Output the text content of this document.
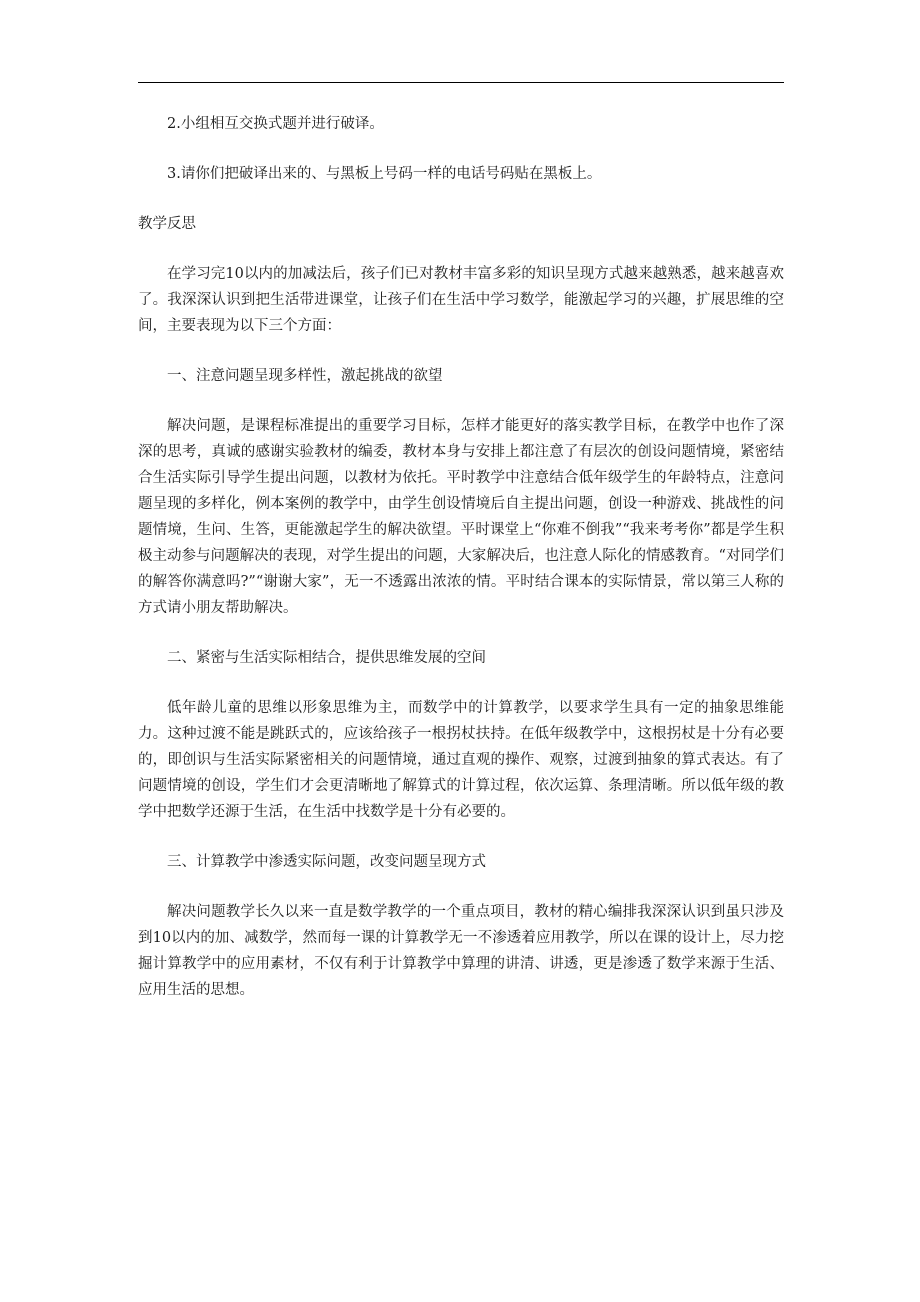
2.小组相互交换式题并进行破译。

3.请你们把破译出来的、与黑板上号码一样的电话号码贴在黑板上。

教学反思

在学习完10以内的加减法后，孩子们已对教材丰富多彩的知识呈现方式越来越熟悉，越来越喜欢了。我深深认识到把生活带进课堂，让孩子们在生活中学习数学，能激起学习的兴趣，扩展思维的空间，主要表现为以下三个方面：

一、注意问题呈现多样性，激起挑战的欲望

解决问题，是课程标准提出的重要学习目标，怎样才能更好的落实教学目标，在教学中也作了深深的思考，真诚的感谢实验教材的编委，教材本身与安排上都注意了有层次的创设问题情境，紧密结合生活实际引导学生提出问题，以教材为依托。平时教学中注意结合低年级学生的年龄特点，注意问题呈现的多样化，例本案例的教学中，由学生创设情境后自主提出问题，创设一种游戏、挑战性的问题情境，生问、生答，更能激起学生的解决欲望。平时课堂上“你难不倒我”“我来考考你”都是学生积极主动参与问题解决的表现，对学生提出的问题，大家解决后，也注意人际化的情感教育。“对同学们的解答你满意吗?”“谢谢大家”，无一不透露出浓浓的情。平时结合课本的实际情景，常以第三人称的方式请小朋友帮助解决。

二、紧密与生活实际相结合，提供思维发展的空间

低年龄儿童的思维以形象思维为主，而数学中的计算教学，以要求学生具有一定的抽象思维能力。这种过渡不能是跳跃式的，应该给孩子一根拐杖扶持。在低年级教学中，这根拐杖是十分有必要的，即创识与生活实际紧密相关的问题情境，通过直观的操作、观察，过渡到抽象的算式表达。有了问题情境的创设，学生们才会更清晰地了解算式的计算过程，依次运算、条理清晰。所以低年级的教学中把数学还源于生活，在生活中找数学是十分有必要的。

三、计算教学中渗透实际问题，改变问题呈现方式

解决问题教学长久以来一直是数学教学的一个重点项目，教材的精心编排我深深认识到虽只涉及到10以内的加、减数学，然而每一课的计算教学无一不渗透着应用教学，所以在课的设计上，尽力挖掘计算教学中的应用素材，不仅有利于计算教学中算理的讲清、讲透，更是渗透了数学来源于生活、应用生活的思想。
